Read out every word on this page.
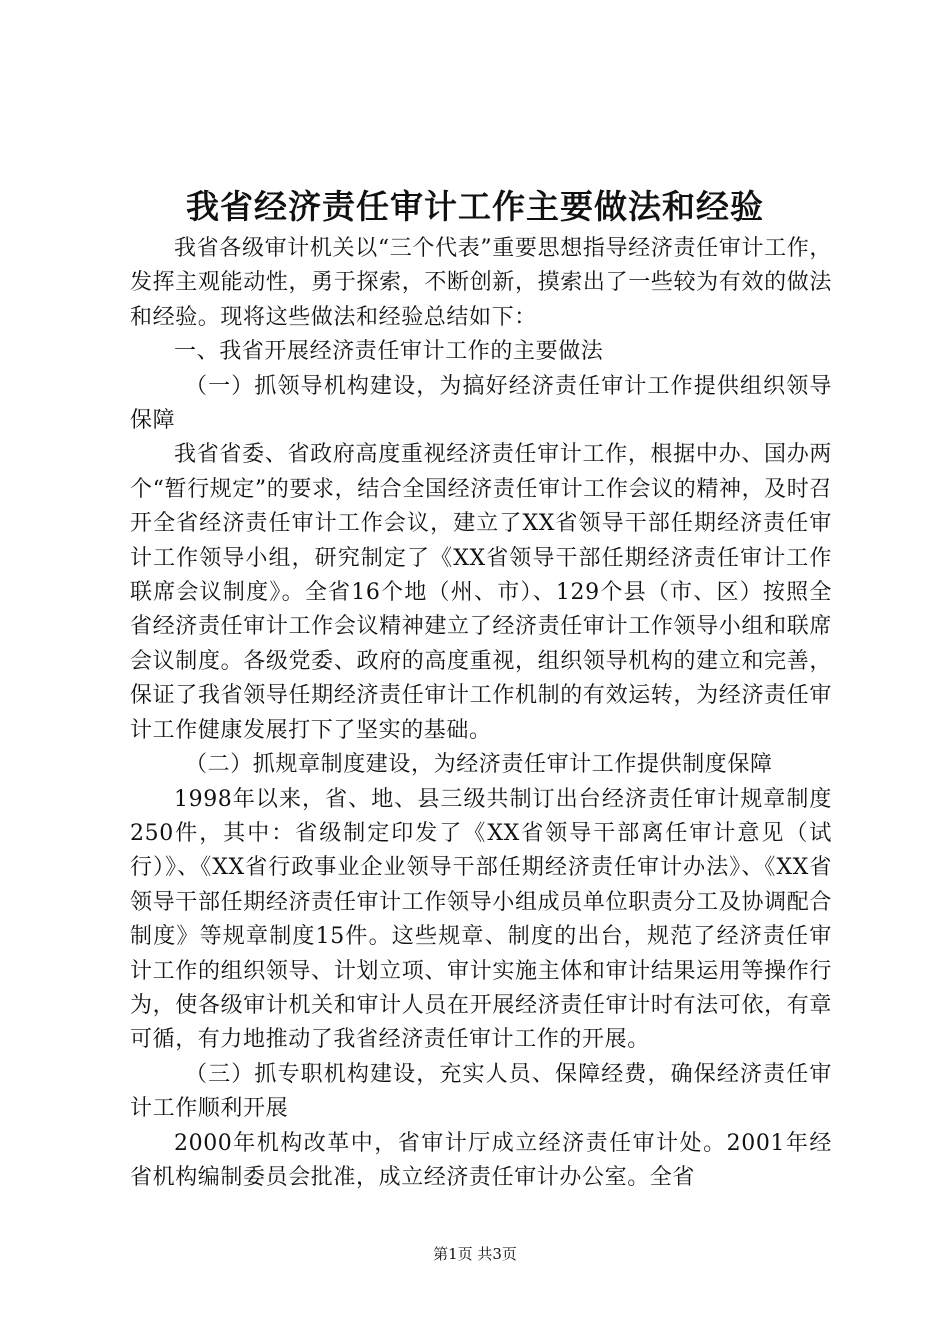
我省经济责任审计工作主要做法和经验

我省各级审计机关以“三个代表”重要思想指导经济责任审计工作，发挥主观能动性，勇于探索，不断创新，摸索出了一些较为有效的做法和经验。现将这些做法和经验总结如下：

一、我省开展经济责任审计工作的主要做法

（一）抓领导机构建设，为搞好经济责任审计工作提供组织领导保障

我省省委、省政府高度重视经济责任审计工作，根据中办、国办两个“暂行规定”的要求，结合全国经济责任审计工作会议的精神，及时召开全省经济责任审计工作会议，建立了XX省领导干部任期经济责任审计工作领导小组，研究制定了《XX省领导干部任期经济责任审计工作联席会议制度》。全省16个地（州、市）、129个县（市、区）按照全省经济责任审计工作会议精神建立了经济责任审计工作领导小组和联席会议制度。各级党委、政府的高度重视，组织领导机构的建立和完善，保证了我省领导任期经济责任审计工作机制的有效运转，为经济责任审计工作健康发展打下了坚实的基础。

（二）抓规章制度建设，为经济责任审计工作提供制度保障

1998年以来，省、地、县三级共制订出台经济责任审计规章制度250件，其中：省级制定印发了《XX省领导干部离任审计意见（试行）》、《XX省行政事业企业领导干部任期经济责任审计办法》、《XX省领导干部任期经济责任审计工作领导小组成员单位职责分工及协调配合制度》等规章制度15件。这些规章、制度的出台，规范了经济责任审计工作的组织领导、计划立项、审计实施主体和审计结果运用等操作行为，使各级审计机关和审计人员在开展经济责任审计时有法可依，有章可循，有力地推动了我省经济责任审计工作的开展。

（三）抓专职机构建设，充实人员、保障经费，确保经济责任审计工作顺利开展

2000年机构改革中，省审计厅成立经济责任审计处。2001年经省机构编制委员会批准，成立经济责任审计办公室。全省

第1页 共3页
